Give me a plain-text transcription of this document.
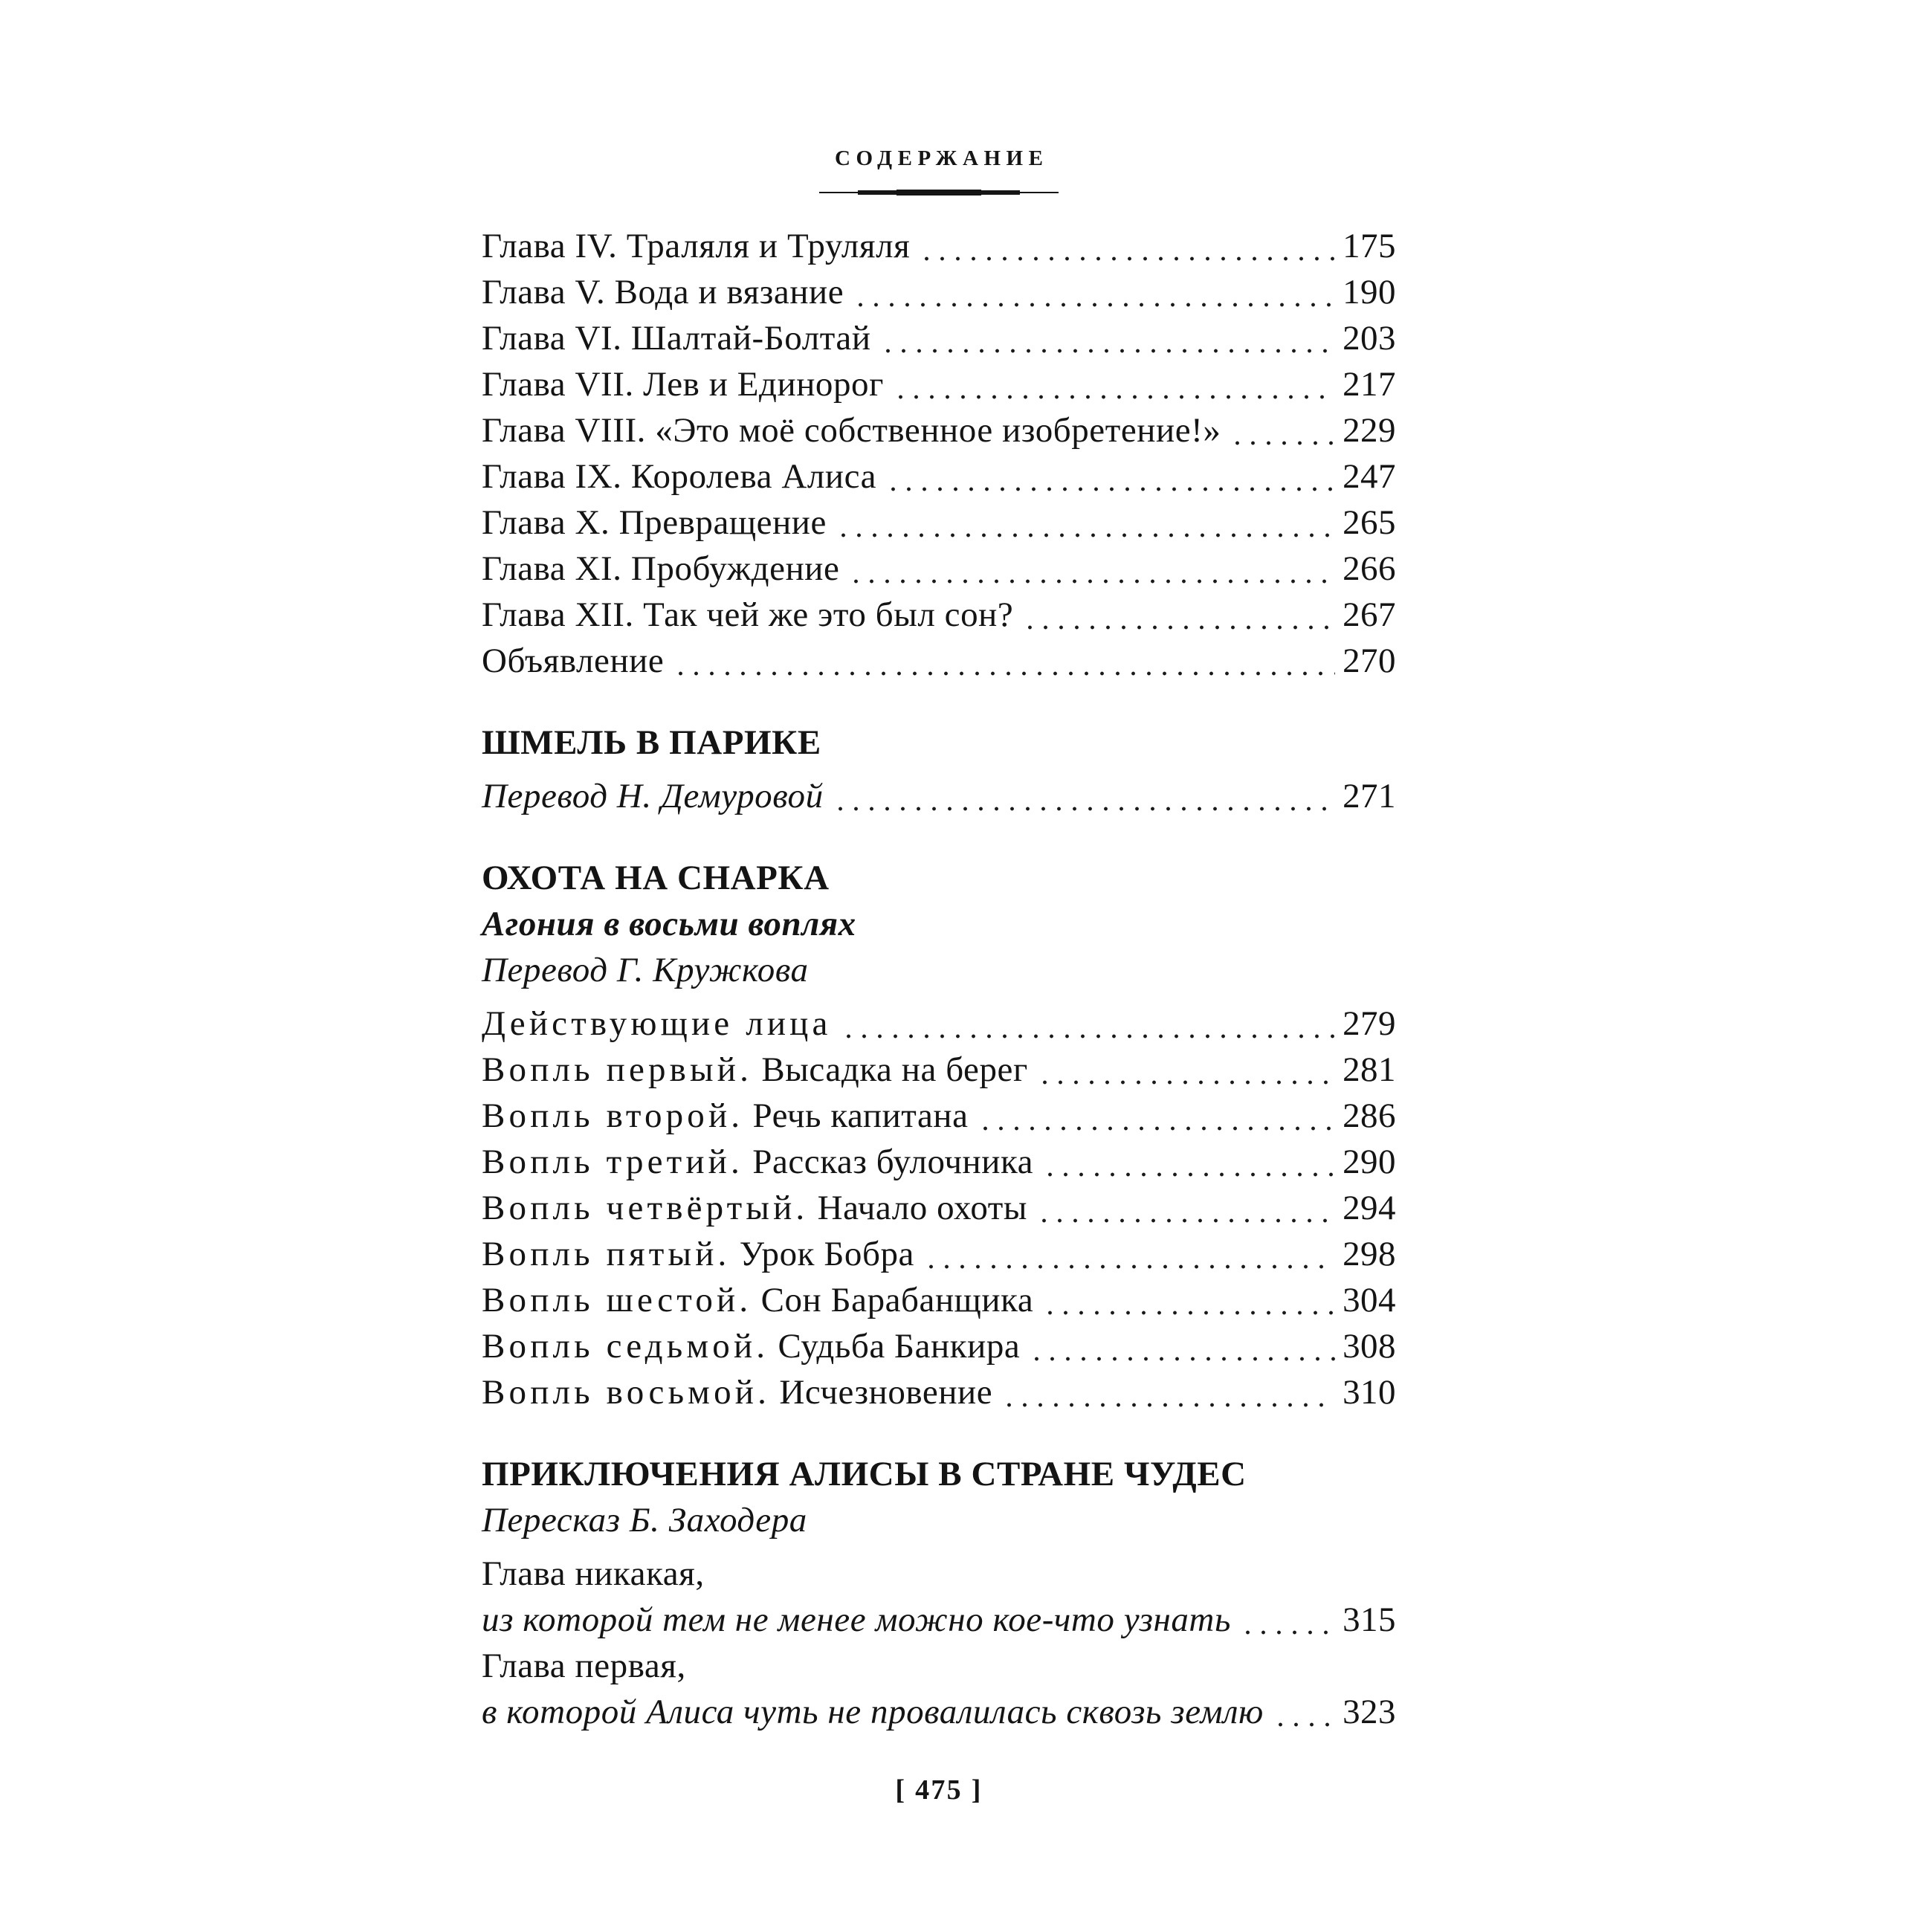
СОДЕРЖАНИЕ
Глава IV. Траляля и Труляля	175
Глава V. Вода и вязание	190
Глава VI. Шалтай-Болтай	203
Глава VII. Лев и Единорог	217
Глава VIII. «Это моё собственное изобретение!»	229
Глава IX. Королева Алиса	247
Глава X. Превращение	265
Глава XI. Пробуждение	266
Глава XII. Так чей же это был сон?	267
Объявление	270
ШМЕЛЬ В ПАРИКЕ
Перевод Н. Демуровой	271
ОХОТА НА СНАРКА
Агония в восьми воплях
Перевод Г. Кружкова
Действующие лица	279
Вопль первый. Высадка на берег	281
Вопль второй. Речь капитана	286
Вопль третий. Рассказ булочника	290
Вопль четвёртый. Начало охоты	294
Вопль пятый. Урок Бобра	298
Вопль шестой. Сон Барабанщика	304
Вопль седьмой. Судьба Банкира	308
Вопль восьмой. Исчезновение	310
ПРИКЛЮЧЕНИЯ АЛИСЫ В СТРАНЕ ЧУДЕС
Пересказ Б. Заходера
Глава никакая,
из которой тем не менее можно кое-что узнать	315
Глава первая,
в которой Алиса чуть не провалилась сквозь землю 323
[ 475 ]
